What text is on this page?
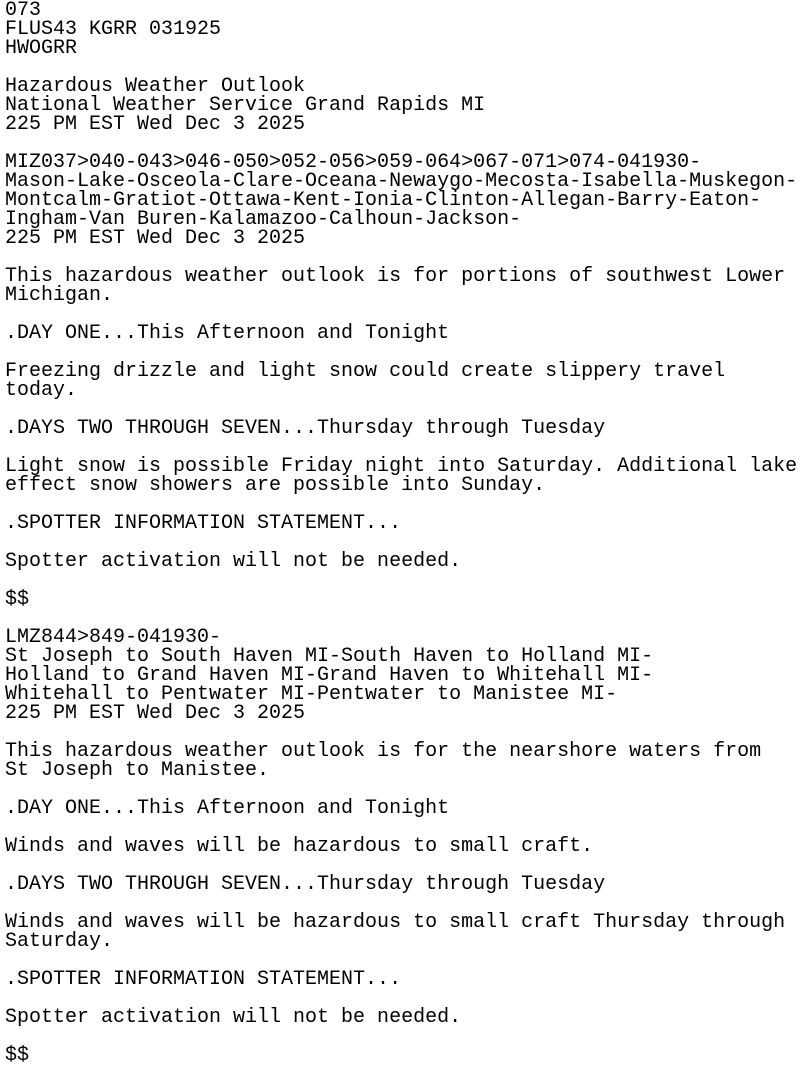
073
FLUS43 KGRR 031925
HWOGRR

Hazardous Weather Outlook
National Weather Service Grand Rapids MI
225 PM EST Wed Dec 3 2025

MIZ037>040-043>046-050>052-056>059-064>067-071>074-041930-
Mason-Lake-Osceola-Clare-Oceana-Newaygo-Mecosta-Isabella-Muskegon-
Montcalm-Gratiot-Ottawa-Kent-Ionia-Clinton-Allegan-Barry-Eaton-
Ingham-Van Buren-Kalamazoo-Calhoun-Jackson-
225 PM EST Wed Dec 3 2025

This hazardous weather outlook is for portions of southwest Lower
Michigan.

.DAY ONE...This Afternoon and Tonight

Freezing drizzle and light snow could create slippery travel
today.

.DAYS TWO THROUGH SEVEN...Thursday through Tuesday

Light snow is possible Friday night into Saturday. Additional lake
effect snow showers are possible into Sunday.

.SPOTTER INFORMATION STATEMENT...

Spotter activation will not be needed.

$$

LMZ844>849-041930-
St Joseph to South Haven MI-South Haven to Holland MI-
Holland to Grand Haven MI-Grand Haven to Whitehall MI-
Whitehall to Pentwater MI-Pentwater to Manistee MI-
225 PM EST Wed Dec 3 2025

This hazardous weather outlook is for the nearshore waters from
St Joseph to Manistee.

.DAY ONE...This Afternoon and Tonight

Winds and waves will be hazardous to small craft.

.DAYS TWO THROUGH SEVEN...Thursday through Tuesday

Winds and waves will be hazardous to small craft Thursday through
Saturday.

.SPOTTER INFORMATION STATEMENT...

Spotter activation will not be needed.

$$
